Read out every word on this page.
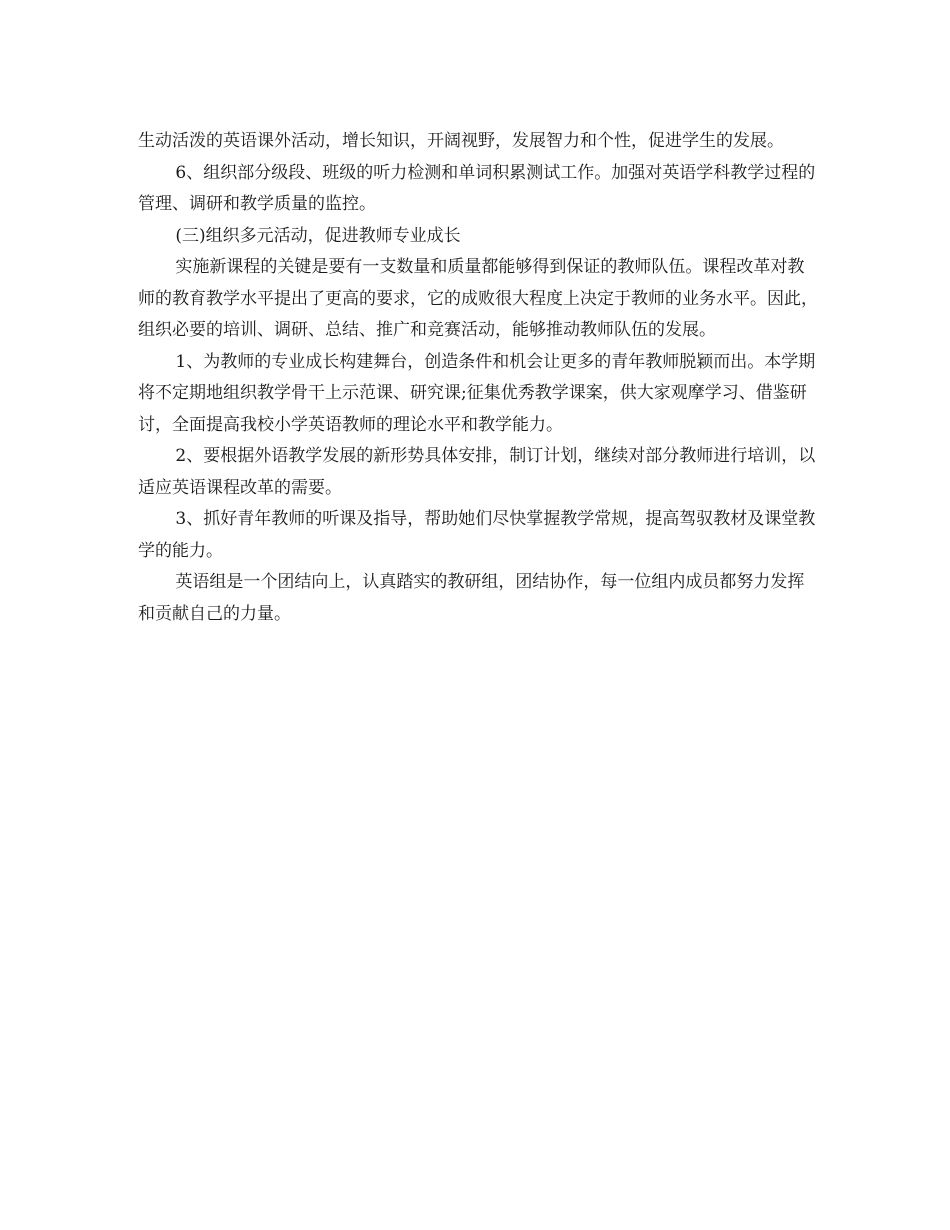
生动活泼的英语课外活动，增长知识，开阔视野，发展智力和个性，促进学生的发展。

6、组织部分级段、班级的听力检测和单词积累测试工作。加强对英语学科教学过程的管理、调研和教学质量的监控。

(三)组织多元活动，促进教师专业成长

实施新课程的关键是要有一支数量和质量都能够得到保证的教师队伍。课程改革对教师的教育教学水平提出了更高的要求，它的成败很大程度上决定于教师的业务水平。因此，组织必要的培训、调研、总结、推广和竞赛活动，能够推动教师队伍的发展。

1、为教师的专业成长构建舞台，创造条件和机会让更多的青年教师脱颖而出。本学期将不定期地组织教学骨干上示范课、研究课;征集优秀教学课案，供大家观摩学习、借鉴研讨，全面提高我校小学英语教师的理论水平和教学能力。

2、要根据外语教学发展的新形势具体安排，制订计划，继续对部分教师进行培训，以适应英语课程改革的需要。

3、抓好青年教师的听课及指导，帮助她们尽快掌握教学常规，提高驾驭教材及课堂教学的能力。

英语组是一个团结向上，认真踏实的教研组，团结协作，每一位组内成员都努力发挥和贡献自己的力量。
